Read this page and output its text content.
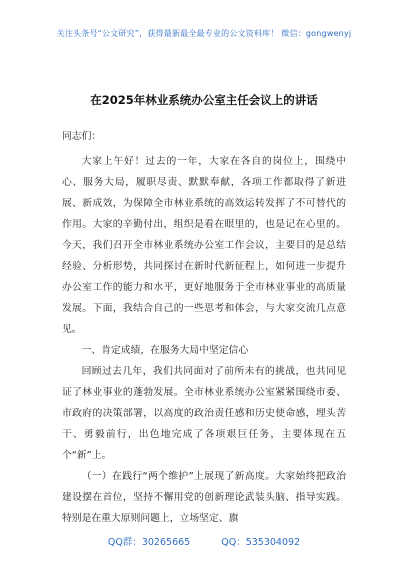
关注头条号“公文研究”，获得最新最全最专业的公文资料库！ 微信：gongwenyj
在2025年林业系统办公室主任会议上的讲话
同志们：

大家上午好！过去的一年，大家在各自的岗位上，围绕中心、服务大局，履职尽责、默默奉献，各项工作都取得了新进展、新成效，为保障全市林业系统的高效运转发挥了不可替代的作用。大家的辛勤付出，组织是看在眼里的，也是记在心里的。今天，我们召开全市林业系统办公室工作会议，主要目的是总结经验、分析形势，共同探讨在新时代新征程上，如何进一步提升办公室工作的能力和水平，更好地服务于全市林业事业的高质量发展。下面，我结合自己的一些思考和体会，与大家交流几点意见。

一、肯定成绩，在服务大局中坚定信心

回顾过去几年，我们共同面对了前所未有的挑战，也共同见证了林业事业的蓬勃发展。全市林业系统办公室紧紧围绕市委、市政府的决策部署，以高度的政治责任感和历史使命感，埋头苦干、勇毅前行，出色地完成了各项艰巨任务，主要体现在五个“新”上。

（一）在践行“两个维护”上展现了新高度。大家始终把政治建设摆在首位，坚持不懈用党的创新理论武装头脑、指导实践。特别是在重大原则问题上，立场坚定、旗

QQ群：30265665	QQ：535304092
